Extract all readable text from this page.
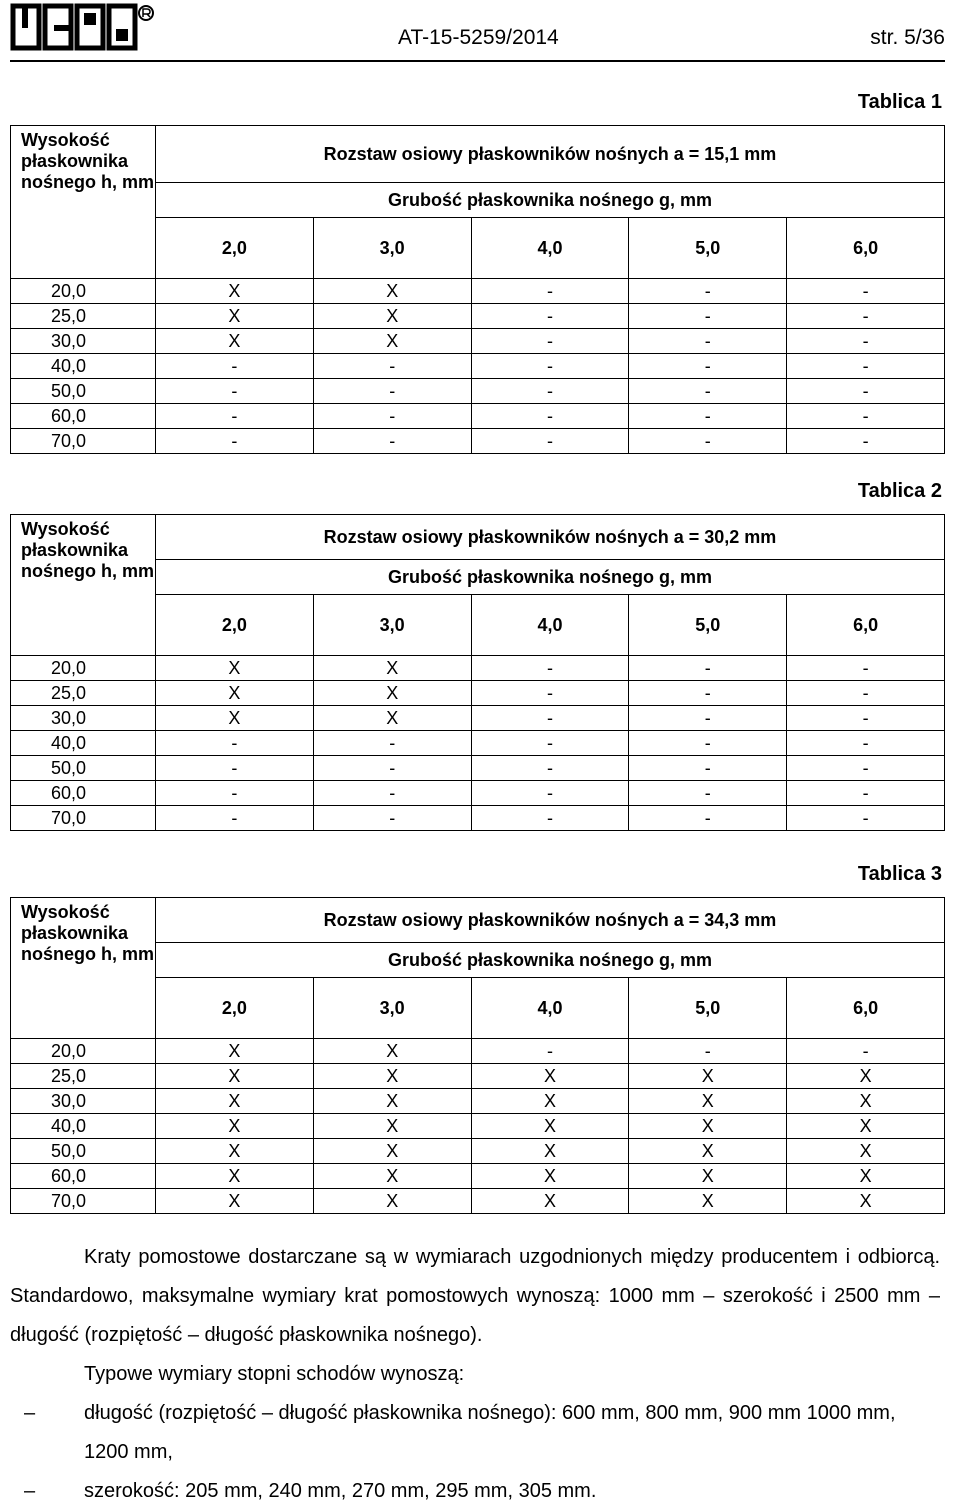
AT-15-5259/2014	str. 5/36
Tablica 1
Wysokość płaskownika nośnego h, mm	Rozstaw osiowy płaskowników nośnych a = 15,1 mm				
	Grubość płaskownika nośnego g, mm				
	2,0	3,0	4,0	5,0	6,0
20,0	X	X	-	-	-
25,0	X	X	-	-	-
30,0	X	X	-	-	-
40,0	-	-	-	-	-
50,0	-	-	-	-	-
60,0	-	-	-	-	-
70,0	-	-	-	-	-
Tablica 2
Wysokość płaskownika nośnego h, mm	Rozstaw osiowy płaskowników nośnych a = 30,2 mm				
	Grubość płaskownika nośnego g, mm				
	2,0	3,0	4,0	5,0	6,0
20,0	X	X	-	-	-
25,0	X	X	-	-	-
30,0	X	X	-	-	-
40,0	-	-	-	-	-
50,0	-	-	-	-	-
60,0	-	-	-	-	-
70,0	-	-	-	-	-
Tablica 3
Wysokość płaskownika nośnego h, mm	Rozstaw osiowy płaskowników nośnych a = 34,3 mm				
	Grubość płaskownika nośnego g, mm				
	2,0	3,0	4,0	5,0	6,0
20,0	X	X	-	-	-
25,0	X	X	X	X	X
30,0	X	X	X	X	X
40,0	X	X	X	X	X
50,0	X	X	X	X	X
60,0	X	X	X	X	X
70,0	X	X	X	X	X
Kraty pomostowe dostarczane są w wymiarach uzgodnionych między producentem i odbiorcą. Standardowo, maksymalne wymiary krat pomostowych wynoszą: 1000 mm – szerokość i 2500 mm – długość (rozpiętość – długość płaskownika nośnego).
Typowe wymiary stopni schodów wynoszą:
– długość (rozpiętość – długość płaskownika nośnego): 600 mm, 800 mm, 900 mm 1000 mm, 1200 mm,
– szerokość: 205 mm, 240 mm, 270 mm, 295 mm, 305 mm.
